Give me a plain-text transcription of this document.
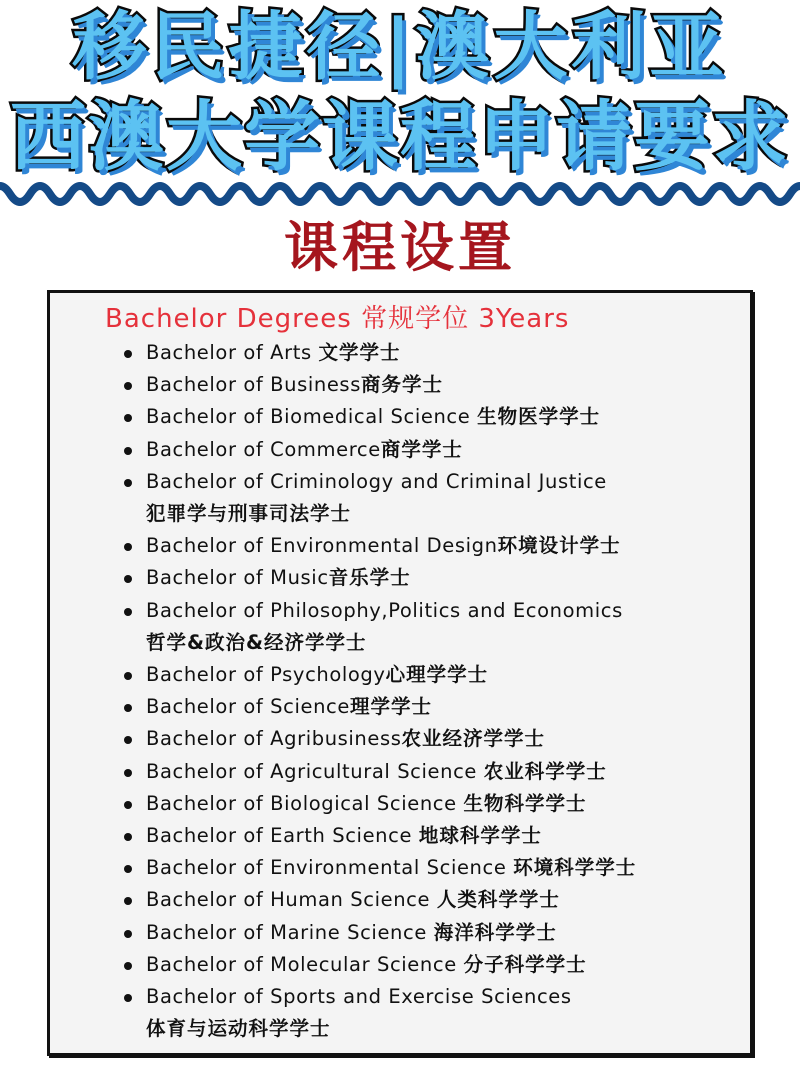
移民捷径|澳大利亚
西澳大学课程申请要求
课程设置
Bachelor Degrees 常规学位 3Years
Bachelor of Arts 文学学士
Bachelor of Business商务学士
Bachelor of Biomedical Science 生物医学学士
Bachelor of Commerce商学学士
Bachelor of Criminology and Criminal Justice
犯罪学与刑事司法学士
Bachelor of Environmental Design环境设计学士
Bachelor of Music音乐学士
Bachelor of Philosophy,Politics and Economics
哲学&政治&经济学学士
Bachelor of Psychology心理学学士
Bachelor of Science理学学士
Bachelor of Agribusiness农业经济学学士
Bachelor of Agricultural Science 农业科学学士
Bachelor of Biological Science 生物科学学士
Bachelor of Earth Science 地球科学学士
Bachelor of Environmental Science 环境科学学士
Bachelor of Human Science 人类科学学士
Bachelor of Marine Science 海洋科学学士
Bachelor of Molecular Science 分子科学学士
Bachelor of Sports and Exercise Sciences
体育与运动科学学士
